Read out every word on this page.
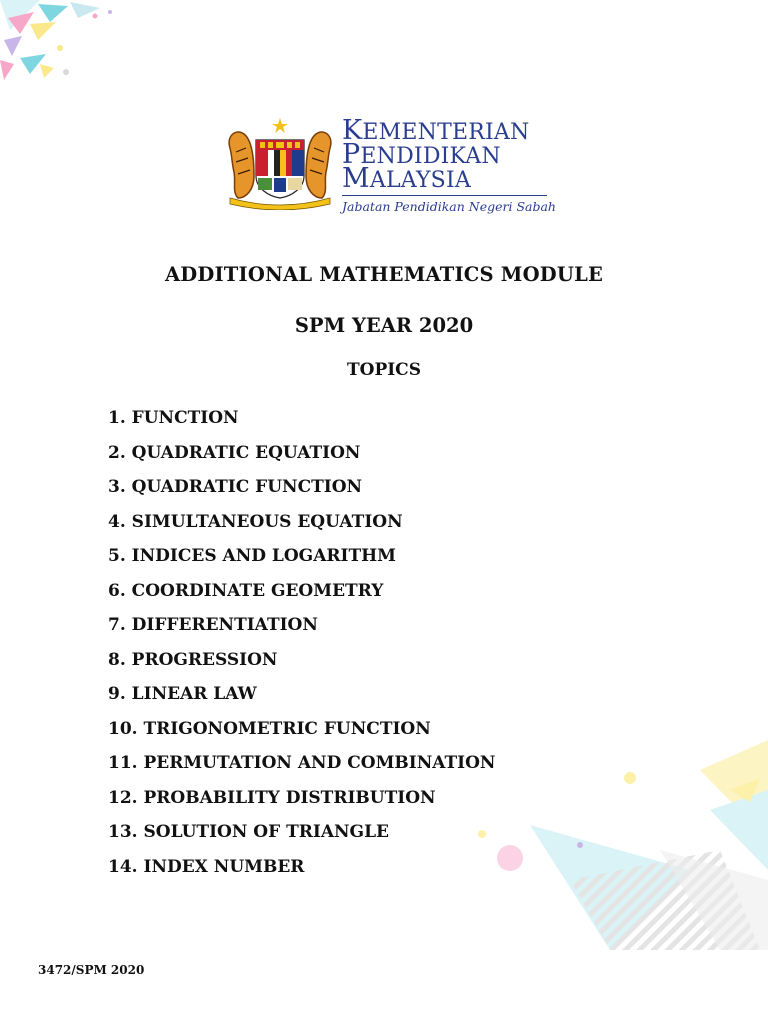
KEMENTERIAN
PENDIDIKAN
MALAYSIA
Jabatan Pendidikan Negeri Sabah
ADDITIONAL MATHEMATICS MODULE
SPM YEAR 2020
TOPICS
1. FUNCTION
2. QUADRATIC EQUATION
3. QUADRATIC FUNCTION
4. SIMULTANEOUS EQUATION
5. INDICES AND LOGARITHM
6. COORDINATE GEOMETRY
7. DIFFERENTIATION
8. PROGRESSION
9. LINEAR LAW
10. TRIGONOMETRIC FUNCTION
11. PERMUTATION AND COMBINATION
12. PROBABILITY DISTRIBUTION
13. SOLUTION OF TRIANGLE
14. INDEX NUMBER
3472/SPM 2020
